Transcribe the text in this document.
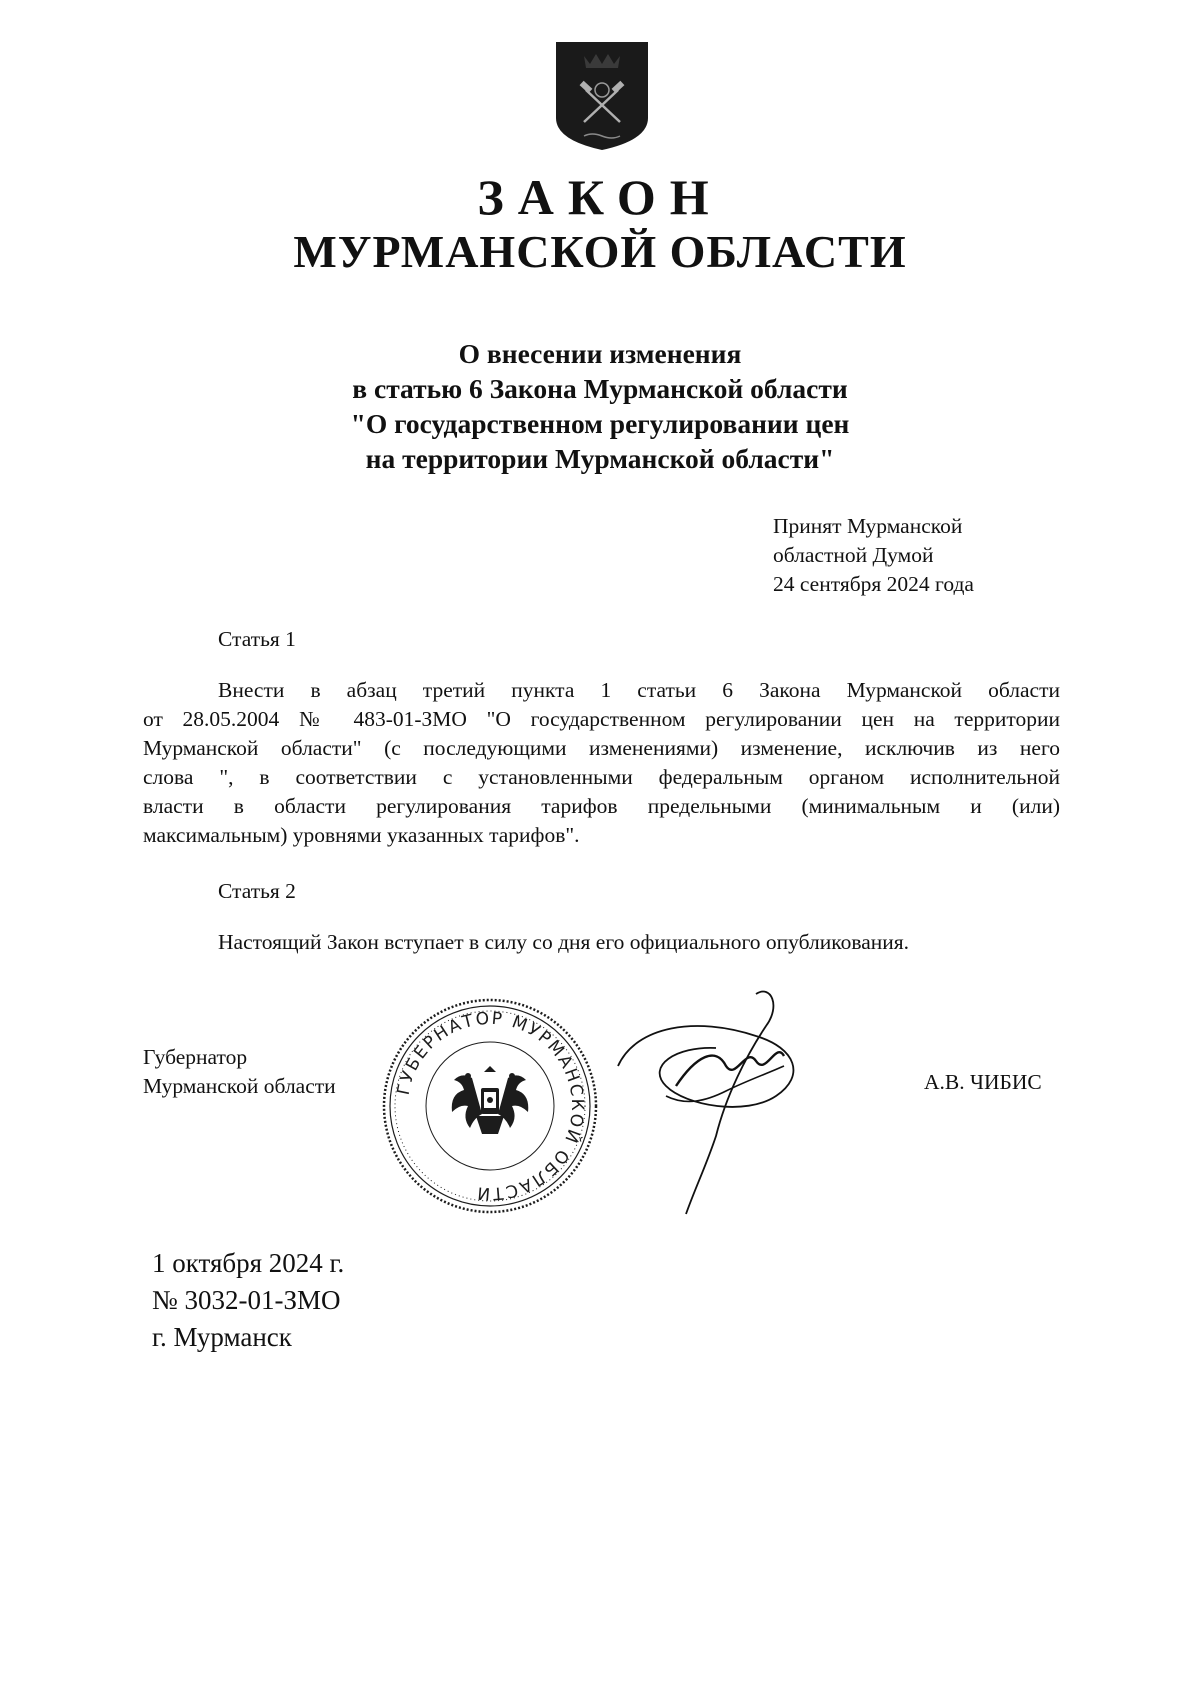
ЗАКОН
МУРМАНСКОЙ ОБЛАСТИ
О внесении изменения
в статью 6 Закона Мурманской области
"О государственном регулировании цен
на территории Мурманской области"
Принят Мурманской
областной Думой
24 сентября 2024 года
Статья 1
Внести в абзац третий пункта 1 статьи 6 Закона Мурманской области
от 28.05.2004 № 483-01-ЗМО "О государственном регулировании цен на территории
Мурманской области" (с последующими изменениями) изменение, исключив из него
слова ", в соответствии с установленными федеральным органом исполнительной
власти в области регулирования тарифов предельными (минимальным и (или)
максимальным) уровнями указанных тарифов".
Статья 2
Настоящий Закон вступает в силу со дня его официального опубликования.
Губернатор
Мурманской области	ГУБЕРНАТОР МУРМАНСКОЙ ОБЛАСТИ
А.В. ЧИБИС
1 октября 2024 г.
№ 3032-01-ЗМО
г. Мурманск
